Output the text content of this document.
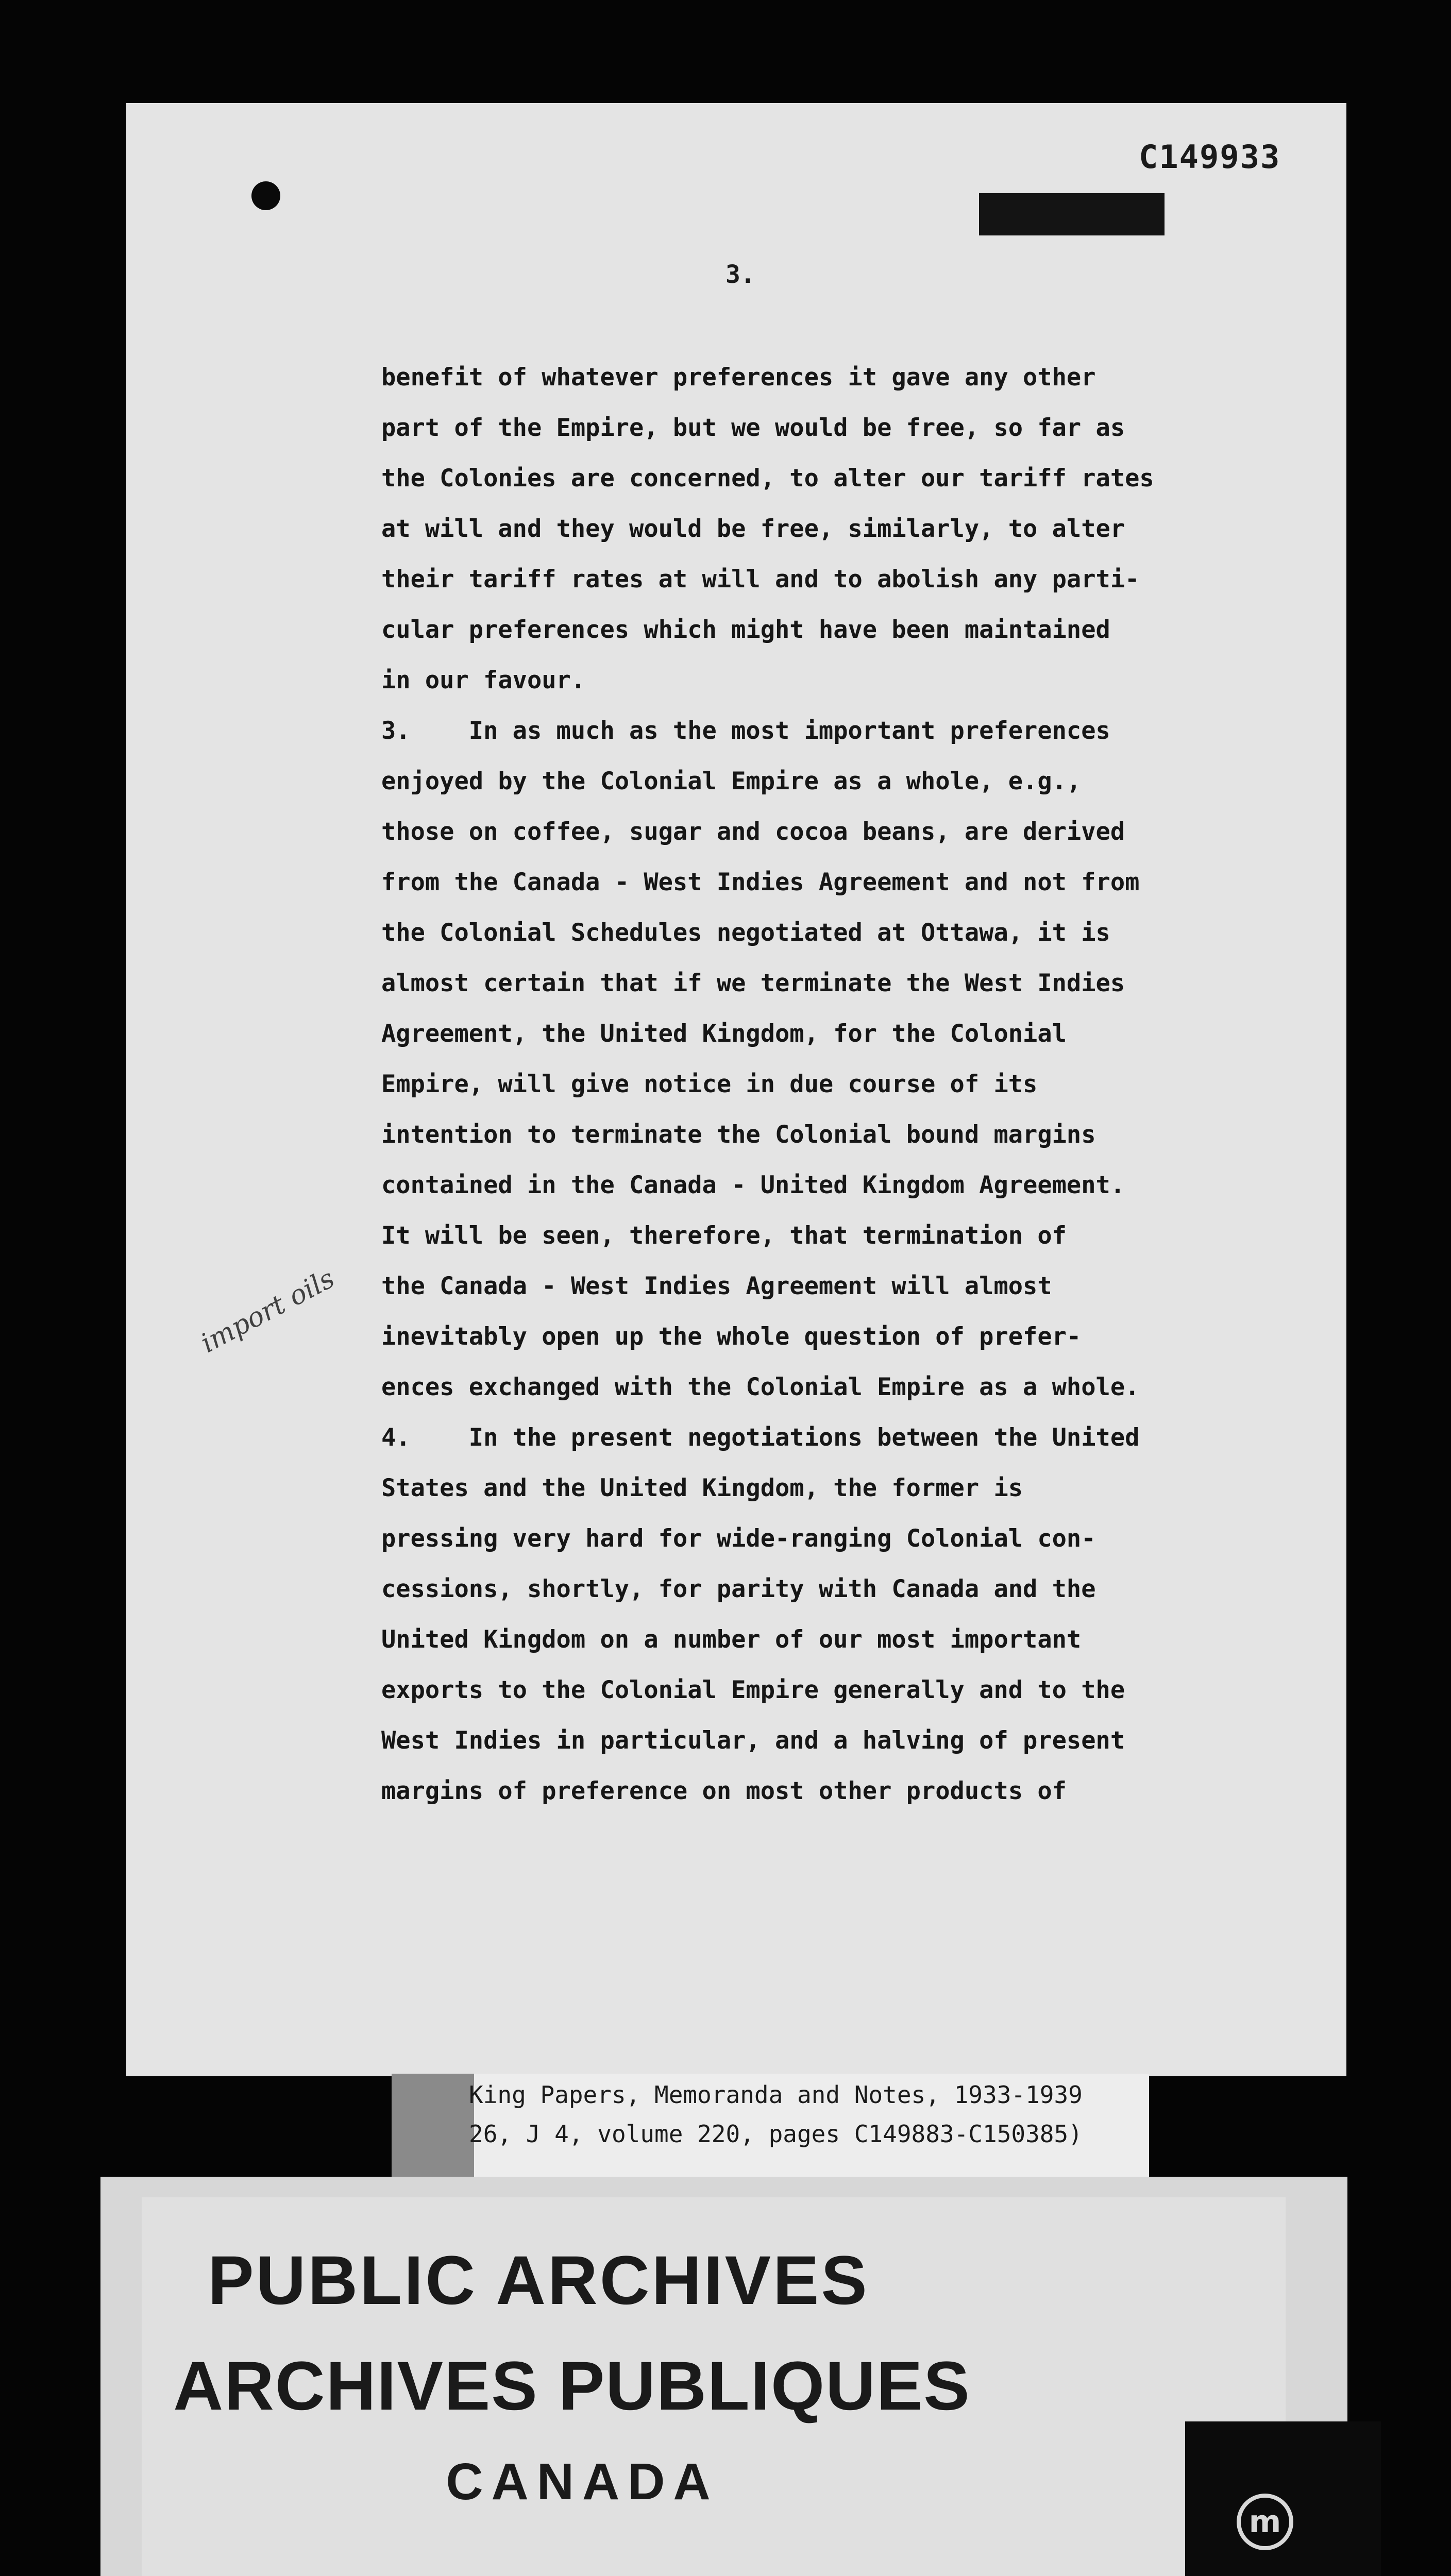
C149933
3.
benefit of whatever preferences it gave any other
part of the Empire, but we would be free, so far as
the Colonies are concerned, to alter our tariff rates
at will and they would be free, similarly, to alter
their tariff rates at will and to abolish any parti-
cular preferences which might have been maintained
in our favour.
3.    In as much as the most important preferences
enjoyed by the Colonial Empire as a whole, e.g.,
those on coffee, sugar and cocoa beans, are derived
from the Canada - West Indies Agreement and not from
the Colonial Schedules negotiated at Ottawa, it is
almost certain that if we terminate the West Indies
Agreement, the United Kingdom, for the Colonial
Empire, will give notice in due course of its
intention to terminate the Colonial bound margins
contained in the Canada - United Kingdom Agreement.
It will be seen, therefore, that termination of
the Canada - West Indies Agreement will almost
inevitably open up the whole question of prefer-
ences exchanged with the Colonial Empire as a whole.
4.    In the present negotiations between the United
States and the United Kingdom, the former is
pressing very hard for wide-ranging Colonial con-
cessions, shortly, for parity with Canada and the
United Kingdom on a number of our most important
exports to the Colonial Empire generally and to the
West Indies in particular, and a halving of present
margins of preference on most other products of
import oils
King Papers, Memoranda and Notes, 1933-1939
26, J 4, volume 220, pages C149883-C150385)
PUBLIC ARCHIVES
ARCHIVES PUBLIQUES
CANADA
m
